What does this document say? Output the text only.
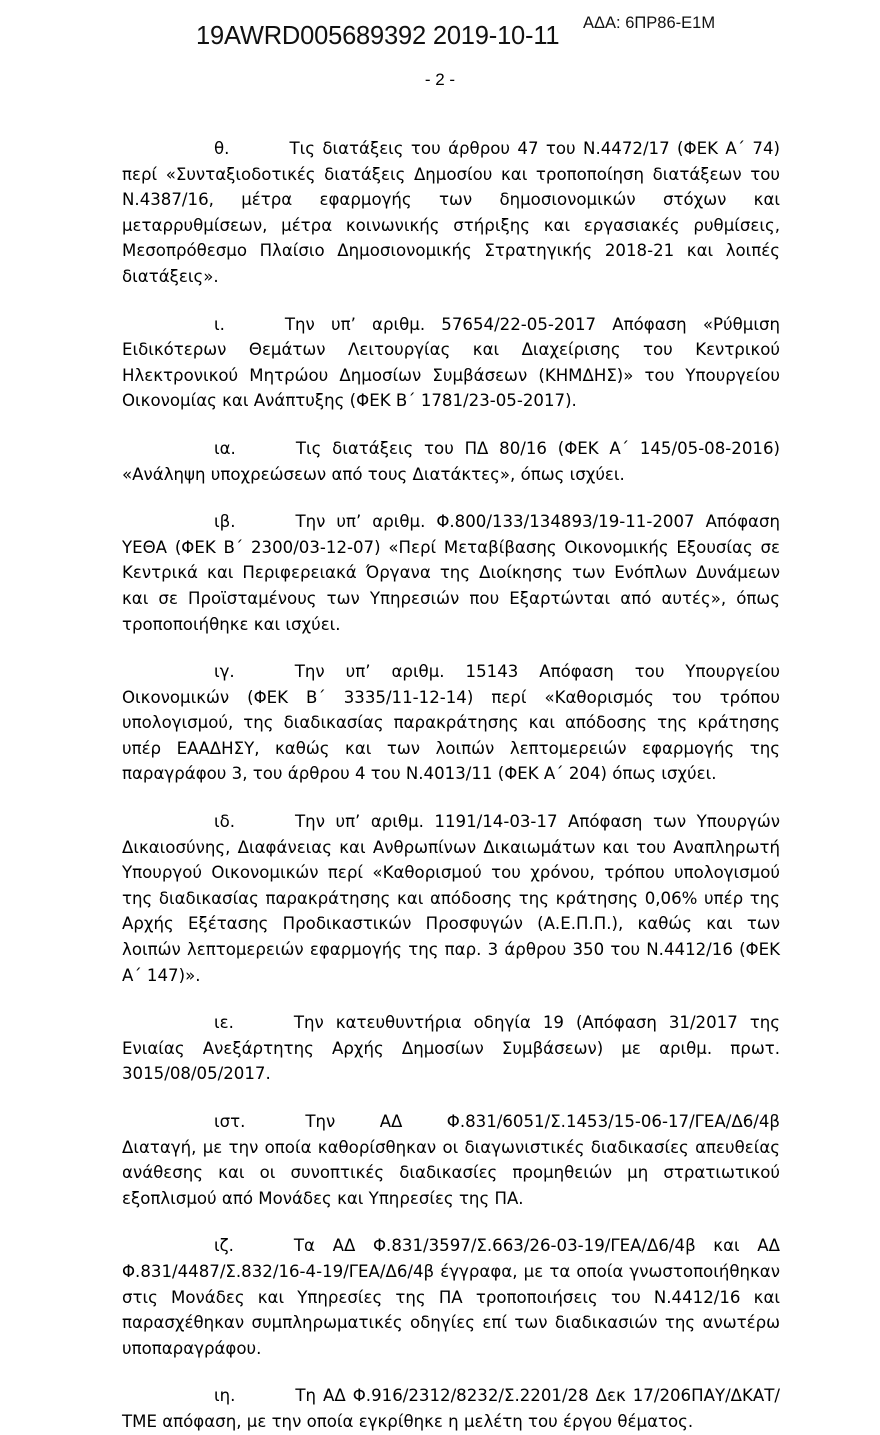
19AWRD005689392 2019-10-11 ΑΔΑ: 6ΠΡ86-Ε1Μ
- 2 -

θ.	Τις διατάξεις του άρθρου 47 του Ν.4472/17 (ΦΕΚ Α΄ 74) περί «Συνταξιοδοτικές διατάξεις Δημοσίου και τροποποίηση διατάξεων του Ν.4387/16, μέτρα εφαρμογής των δημοσιονομικών στόχων και μεταρρυθμίσεων, μέτρα κοινωνικής στήριξης και εργασιακές ρυθμίσεις, Μεσοπρόθεσμο Πλαίσιο Δημοσιονομικής Στρατηγικής 2018-21 και λοιπές διατάξεις».

ι.	Την υπ’ αριθμ. 57654/22-05-2017 Απόφαση «Ρύθμιση Ειδικότερων Θεμάτων Λειτουργίας και Διαχείρισης του Κεντρικού Ηλεκτρονικού Μητρώου Δημοσίων Συμβάσεων (ΚΗΜΔΗΣ)» του Υπουργείου Οικονομίας και Ανάπτυξης (ΦΕΚ Β΄ 1781/23-05-2017).

ια.	Τις διατάξεις του ΠΔ 80/16 (ΦΕΚ Α΄ 145/05-08-2016) «Ανάληψη υποχρεώσεων από τους Διατάκτες», όπως ισχύει.

ιβ.	Την υπ’ αριθμ. Φ.800/133/134893/19-11-2007 Απόφαση ΥΕΘΑ (ΦΕΚ Β΄ 2300/03-12-07) «Περί Μεταβίβασης Οικονομικής Εξουσίας σε Κεντρικά και Περιφερειακά Όργανα της Διοίκησης των Ενόπλων Δυνάμεων και σε Προϊσταμένους των Υπηρεσιών που Εξαρτώνται από αυτές», όπως τροποποιήθηκε και ισχύει.

ιγ.	Την υπ’ αριθμ. 15143 Απόφαση του Υπουργείου Οικονομικών (ΦΕΚ Β΄ 3335/11-12-14) περί «Καθορισμός του τρόπου υπολογισμού, της διαδικασίας παρακράτησης και απόδοσης της κράτησης υπέρ ΕΑΑΔΗΣΥ, καθώς και των λοιπών λεπτομερειών εφαρμογής της παραγράφου 3, του άρθρου 4 του Ν.4013/11 (ΦΕΚ Α΄ 204) όπως ισχύει.

ιδ.	Την υπ’ αριθμ. 1191/14-03-17 Απόφαση των Υπουργών Δικαιοσύνης, Διαφάνειας και Ανθρωπίνων Δικαιωμάτων και του Αναπληρωτή Υπουργού Οικονομικών περί «Καθορισμού του χρόνου, τρόπου υπολογισμού της διαδικασίας παρακράτησης και απόδοσης της κράτησης 0,06% υπέρ της Αρχής Εξέτασης Προδικαστικών Προσφυγών (Α.Ε.Π.Π.), καθώς και των λοιπών λεπτομερειών εφαρμογής της παρ. 3 άρθρου 350 του Ν.4412/16 (ΦΕΚ Α΄ 147)».

ιε.	Την κατευθυντήρια οδηγία 19 (Απόφαση 31/2017 της Ενιαίας Ανεξάρτητης Αρχής Δημοσίων Συμβάσεων) με αριθμ. πρωτ. 3015/08/05/2017.

ιστ.	Την ΑΔ Φ.831/6051/Σ.1453/15-06-17/ΓΕΑ/Δ6/4β Διαταγή, με την οποία καθορίσθηκαν οι διαγωνιστικές διαδικασίες απευθείας ανάθεσης και οι συνοπτικές διαδικασίες προμηθειών μη στρατιωτικού εξοπλισμού από Μονάδες και Υπηρεσίες της ΠΑ.

ιζ.	Τα ΑΔ Φ.831/3597/Σ.663/26-03-19/ΓΕΑ/Δ6/4β και ΑΔ Φ.831/4487/Σ.832/16-4-19/ΓΕΑ/Δ6/4β έγγραφα, με τα οποία γνωστοποιήθηκαν στις Μονάδες και Υπηρεσίες της ΠΑ τροποποιήσεις του Ν.4412/16 και παρασχέθηκαν συμπληρωματικές οδηγίες επί των διαδικασιών της ανωτέρω υποπαραγράφου.

ιη.	Τη ΑΔ Φ.916/2312/8232/Σ.2201/28 Δεκ 17/206ΠΑΥ/ΔΚΑΤ/ΤΜΕ απόφαση, με την οποία εγκρίθηκε η μελέτη του έργου θέματος.
